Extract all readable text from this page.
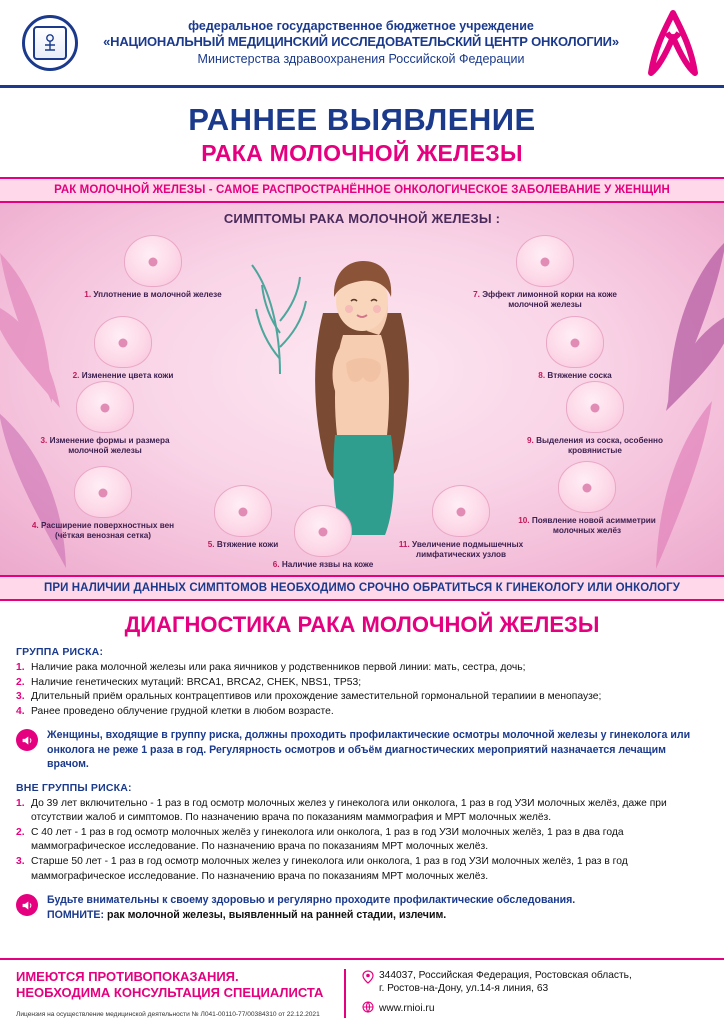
федеральное государственное бюджетное учреждение
«НАЦИОНАЛЬНЫЙ МЕДИЦИНСКИЙ ИССЛЕДОВАТЕЛЬСКИЙ ЦЕНТР ОНКОЛОГИИ»
Министерства здравоохранения Российской Федерации
РАННЕЕ ВЫЯВЛЕНИЕ
РАКА МОЛОЧНОЙ ЖЕЛЕЗЫ
РАК МОЛОЧНОЙ ЖЕЛЕЗЫ - САМОЕ РАСПРОСТРАНЁННОЕ ОНКОЛОГИЧЕСКОЕ ЗАБОЛЕВАНИЕ У ЖЕНЩИН
СИМПТОМЫ РАКА МОЛОЧНОЙ ЖЕЛЕЗЫ :
1. Уплотнение в молочной железе
2. Изменение цвета кожи
3. Изменение формы и размера молочной железы
4. Расширение поверхностных вен (чёткая венозная сетка)
5. Втяжение кожи
6. Наличие язвы на коже
7. Эффект лимонной корки на коже молочной железы
8. Втяжение соска
9. Выделения из соска, особенно кровянистые
10. Появление новой асимметрии молочных желёз
11. Увеличение подмышечных лимфатических узлов
ПРИ НАЛИЧИИ ДАННЫХ СИМПТОМОВ НЕОБХОДИМО СРОЧНО ОБРАТИТЬСЯ К ГИНЕКОЛОГУ ИЛИ ОНКОЛОГУ
ДИАГНОСТИКА РАКА МОЛОЧНОЙ ЖЕЛЕЗЫ
ГРУППА РИСКА:
1. Наличие рака молочной железы или рака яичников у родственников первой линии: мать, сестра, дочь;
2. Наличие генетических мутаций: BRCA1, BRCA2, CHEK, NBS1, TP53;
3. Длительный приём оральных контрацептивов или прохождение заместительной гормональной терапиии в менопаузе;
4. Ранее проведено облучение грудной клетки в любом возрасте.

Женщины, входящие в группу риска, должны проходить профилактические осмотры молочной железы у гинеколога или онколога не реже 1 раза в год. Регулярность осмотров и объём диагностических мероприятий назначается лечащим врачом.

ВНЕ ГРУППЫ РИСКА:
1. До 39 лет включительно - 1 раз в год осмотр молочных желез у гинеколога или онколога, 1 раз в год УЗИ молочных желёз, даже при отсутствии жалоб и симптомов. По назначению врача по показаниям маммография и МРТ молочных желёз.
2. С 40 лет - 1 раз в год осмотр молочных желёз у гинеколога или онколога, 1 раз в год УЗИ молочных желёз, 1 раз в два года маммографическое исследование. По назначению врача по показаниям МРТ молочных желёз.
3. Старше 50 лет - 1 раз в год осмотр молочных желез у гинеколога или онколога, 1 раз в год УЗИ молочных желёз, 1 раз в год маммографическое исследование. По назначению врача по показаниям МРТ молочных желёз.

Будьте внимательны к своему здоровью и регулярно проходите профилактические обследования.

ПОМНИТЕ: рак молочной железы, выявленный на ранней стадии, излечим.

ИМЕЮТСЯ ПРОТИВОПОКАЗАНИЯ.
НЕОБХОДИМА КОНСУЛЬТАЦИЯ СПЕЦИАЛИСТА
Лицензия на осуществление медицинской деятельности № Л041-00110-77/00384310 от 22.12.2021
344037, Российская Федерация, Ростовская область,
г. Ростов-на-Дону, ул.14-я линия, 63
www.rnioi.ru
